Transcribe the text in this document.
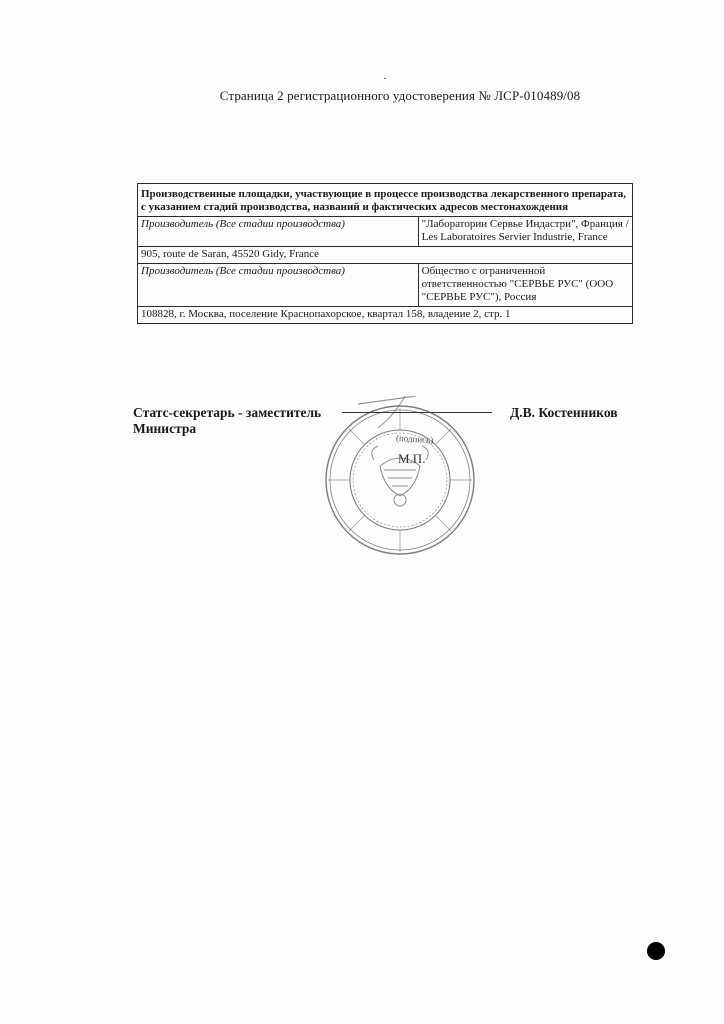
Страница 2 регистрационного удостоверения № ЛСР-010489/08
Производственные площадки, участвующие в процессе производства лекарственного препарата, с указанием стадий производства, названий и фактических адресов местонахождения	
Производитель (Все стадии производства)	"Лаборатории Сервье Индастри", Франция / Les Laboratoires Servier Industrie, France
905, route de Saran, 45520 Gidy, France	
Производитель (Все стадии производства)	Общество с ограниченной ответственностью "СЕРВЬЕ РУС" (ООО "СЕРВЬЕ РУС"), Россия
108828, г. Москва, поселение Краснопахорское, квартал 158, владение 2, стр. 1	
Статс-секретарь - заместитель Министра
(подпись)
М.П.
Д.В. Костенников
